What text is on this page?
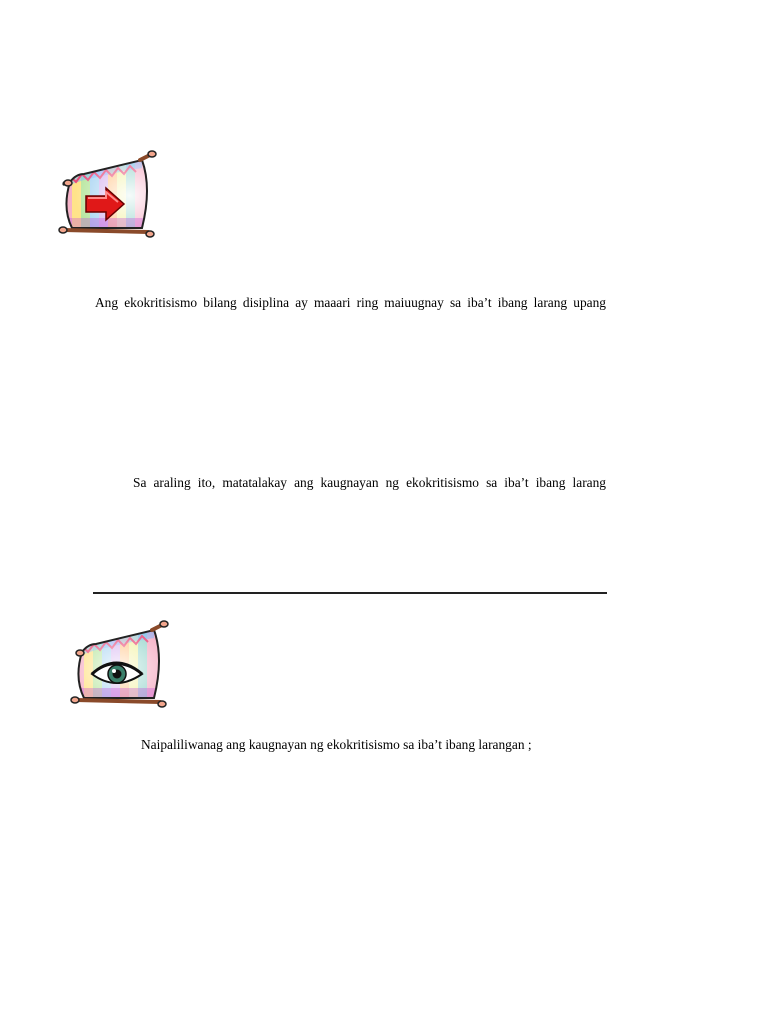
Ang ekokritisismo bilang disiplina ay maaari ring maiuugnay sa iba’t ibang larang upang
Sa araling ito, matatalakay ang kaugnayan ng ekokritisismo sa iba’t ibang larang
Naipaliliwanag ang kaugnayan ng ekokritisismo sa iba’t ibang larangan ;
